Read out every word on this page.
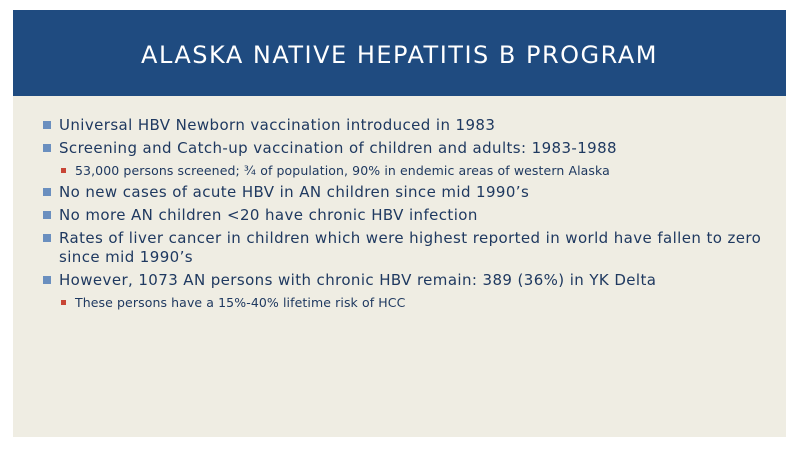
ALASKA NATIVE HEPATITIS B PROGRAM
Universal HBV Newborn vaccination introduced in 1983
Screening and Catch-up vaccination of children and adults: 1983-1988
53,000 persons screened; ¾ of population, 90% in endemic areas of western Alaska
No new cases of acute HBV in AN children since mid 1990’s
No more AN children <20 have chronic HBV infection
Rates of liver cancer in children which were highest reported in world have fallen to zero since mid 1990’s
However, 1073 AN persons with chronic HBV remain: 389 (36%) in YK Delta
These persons have a 15%-40% lifetime risk of HCC
